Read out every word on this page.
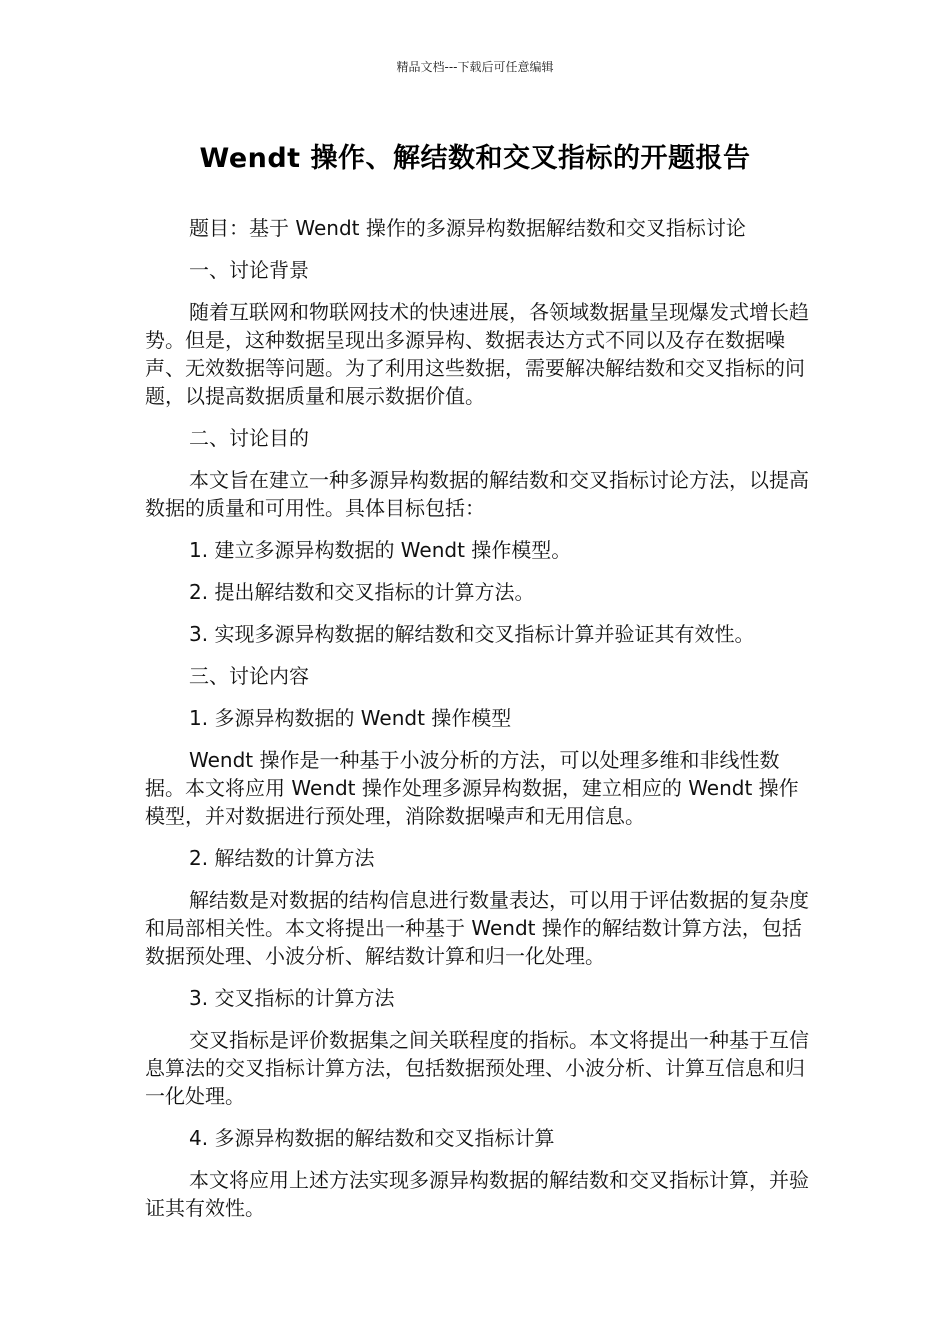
精品文档---下载后可任意编辑
Wendt 操作、解结数和交叉指标的开题报告

题目：基于 Wendt 操作的多源异构数据解结数和交叉指标讨论

一、讨论背景

随着互联网和物联网技术的快速进展，各领域数据量呈现爆发式增长趋势。但是，这种数据呈现出多源异构、数据表达方式不同以及存在数据噪声、无效数据等问题。为了利用这些数据，需要解决解结数和交叉指标的问题，以提高数据质量和展示数据价值。

二、讨论目的

本文旨在建立一种多源异构数据的解结数和交叉指标讨论方法，以提高数据的质量和可用性。具体目标包括：

1. 建立多源异构数据的 Wendt 操作模型。

2. 提出解结数和交叉指标的计算方法。

3. 实现多源异构数据的解结数和交叉指标计算并验证其有效性。

三、讨论内容

1. 多源异构数据的 Wendt 操作模型

Wendt 操作是一种基于小波分析的方法，可以处理多维和非线性数据。本文将应用 Wendt 操作处理多源异构数据，建立相应的 Wendt 操作模型，并对数据进行预处理，消除数据噪声和无用信息。

2. 解结数的计算方法

解结数是对数据的结构信息进行数量表达，可以用于评估数据的复杂度和局部相关性。本文将提出一种基于 Wendt 操作的解结数计算方法，包括数据预处理、小波分析、解结数计算和归一化处理。

3. 交叉指标的计算方法

交叉指标是评价数据集之间关联程度的指标。本文将提出一种基于互信息算法的交叉指标计算方法，包括数据预处理、小波分析、计算互信息和归一化处理。

4. 多源异构数据的解结数和交叉指标计算

本文将应用上述方法实现多源异构数据的解结数和交叉指标计算，并验证其有效性。
